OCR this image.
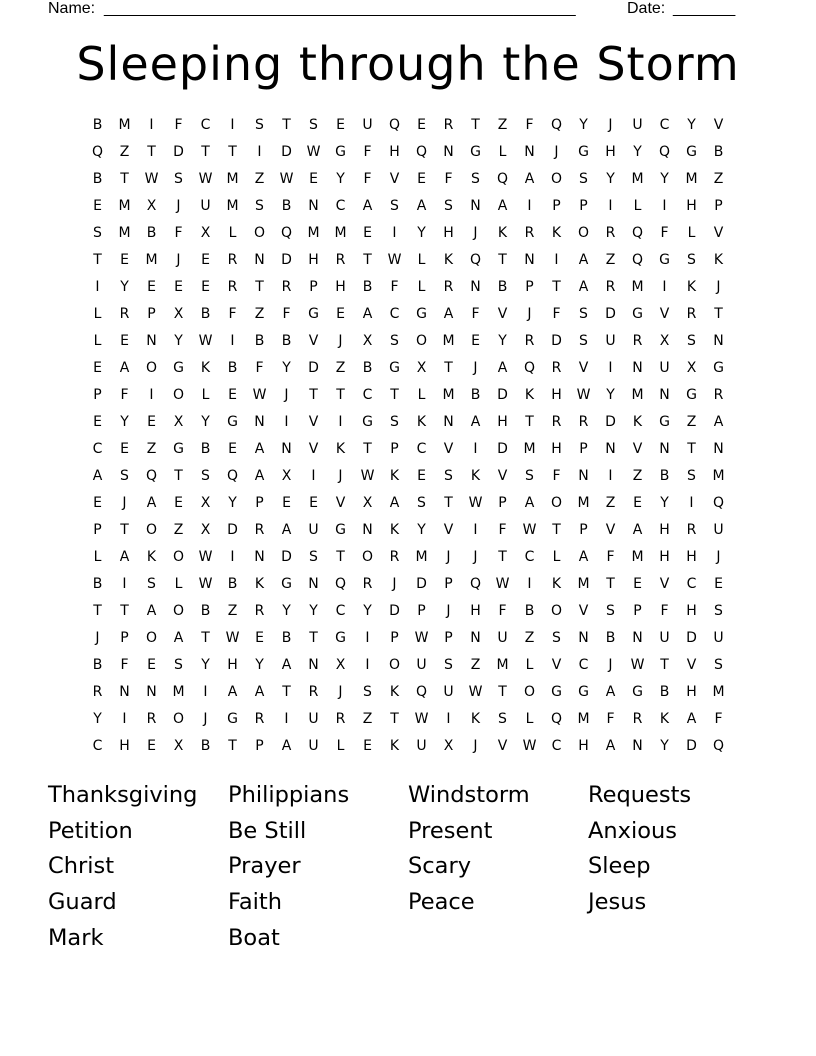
Name: _____________________________________________________	Date: _______
Sleeping through the Storm
B	M	I	F	C	I	S	T	S	E	U	Q	E	R	T	Z	F	Q	Y	J	U	C	Y	V
Q	Z	T	D	T	T	I	D	W	G	F	H	Q	N	G	L	N	J	G	H	Y	Q	G	B
B	T	W	S	W	M	Z	W	E	Y	F	V	E	F	S	Q	A	O	S	Y	M	Y	M	Z
E	M	X	J	U	M	S	B	N	C	A	S	A	S	N	A	I	P	P	I	L	I	H	P
S	M	B	F	X	L	O	Q	M	M	E	I	Y	H	J	K	R	K	O	R	Q	F	L	V
T	E	M	J	E	R	N	D	H	R	T	W	L	K	Q	T	N	I	A	Z	Q	G	S	K
I	Y	E	E	E	R	T	R	P	H	B	F	L	R	N	B	P	T	A	R	M	I	K	J
L	R	P	X	B	F	Z	F	G	E	A	C	G	A	F	V	J	F	S	D	G	V	R	T
L	E	N	Y	W	I	B	B	V	J	X	S	O	M	E	Y	R	D	S	U	R	X	S	N
E	A	O	G	K	B	F	Y	D	Z	B	G	X	T	J	A	Q	R	V	I	N	U	X	G
P	F	I	O	L	E	W	J	T	T	C	T	L	M	B	D	K	H	W	Y	M	N	G	R
E	Y	E	X	Y	G	N	I	V	I	G	S	K	N	A	H	T	R	R	D	K	G	Z	A
C	E	Z	G	B	E	A	N	V	K	T	P	C	V	I	D	M	H	P	N	V	N	T	N
A	S	Q	T	S	Q	A	X	I	J	W	K	E	S	K	V	S	F	N	I	Z	B	S	M
E	J	A	E	X	Y	P	E	E	V	X	A	S	T	W	P	A	O	M	Z	E	Y	I	Q
P	T	O	Z	X	D	R	A	U	G	N	K	Y	V	I	F	W	T	P	V	A	H	R	U
L	A	K	O	W	I	N	D	S	T	O	R	M	J	J	T	C	L	A	F	M	H	H	J
B	I	S	L	W	B	K	G	N	Q	R	J	D	P	Q	W	I	K	M	T	E	V	C	E
T	T	A	O	B	Z	R	Y	Y	C	Y	D	P	J	H	F	B	O	V	S	P	F	H	S
J	P	O	A	T	W	E	B	T	G	I	P	W	P	N	U	Z	S	N	B	N	U	D	U
B	F	E	S	Y	H	Y	A	N	X	I	O	U	S	Z	M	L	V	C	J	W	T	V	S
R	N	N	M	I	A	A	T	R	J	S	K	Q	U	W	T	O	G	G	A	G	B	H	M
Y	I	R	O	J	G	R	I	U	R	Z	T	W	I	K	S	L	Q	M	F	R	K	A	F
C	H	E	X	B	T	P	A	U	L	E	K	U	X	J	V	W	C	H	A	N	Y	D	Q
Thanksgiving	Philippians	Windstorm	Requests
Petition	Be Still	Present	Anxious
Christ	Prayer	Scary	Sleep
Guard	Faith	Peace	Jesus
Mark	Boat
